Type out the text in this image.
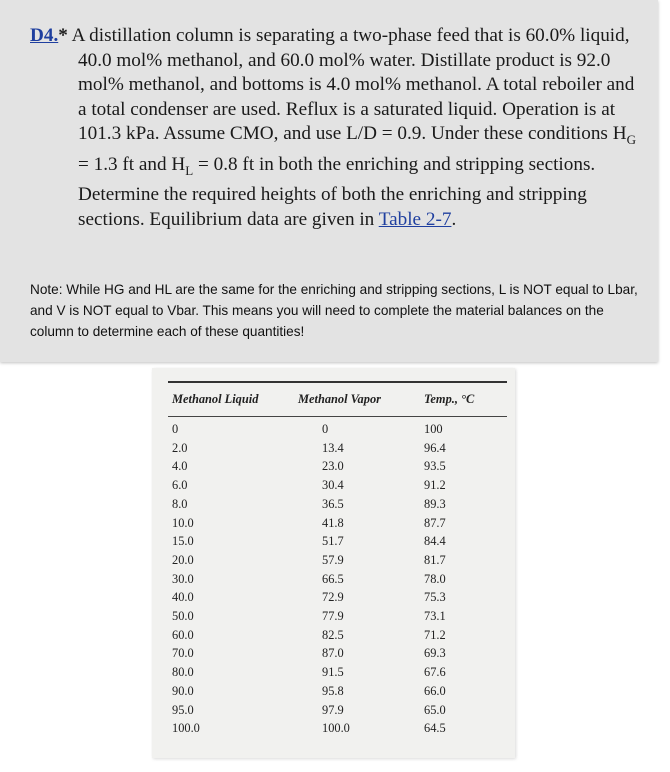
D4.* A distillation column is separating a two-phase feed that is 60.0% liquid, 40.0 mol% methanol, and 60.0 mol% water. Distillate product is 92.0 mol% methanol, and bottoms is 4.0 mol% methanol. A total reboiler and a total condenser are used. Reflux is a saturated liquid. Operation is at 101.3 kPa. Assume CMO, and use L/D = 0.9. Under these conditions $H_G = 1.3$ ft and $H_L = 0.8$ ft in both the enriching and stripping sections. Determine the required heights of both the enriching and stripping sections. Equilibrium data are given in Table 2-7.
Note: While HG and HL are the same for the enriching and stripping sections, L is NOT equal to Lbar, and V is NOT equal to Vbar. This means you will need to complete the material balances on the column to determine each of these quantities!
Methanol Liquid	Methanol Vapor	Temp., °C
0	0	100
2.0	13.4	96.4
4.0	23.0	93.5
6.0	30.4	91.2
8.0	36.5	89.3
10.0	41.8	87.7
15.0	51.7	84.4
20.0	57.9	81.7
30.0	66.5	78.0
40.0	72.9	75.3
50.0	77.9	73.1
60.0	82.5	71.2
70.0	87.0	69.3
80.0	91.5	67.6
90.0	95.8	66.0
95.0	97.9	65.0
100.0	100.0	64.5
